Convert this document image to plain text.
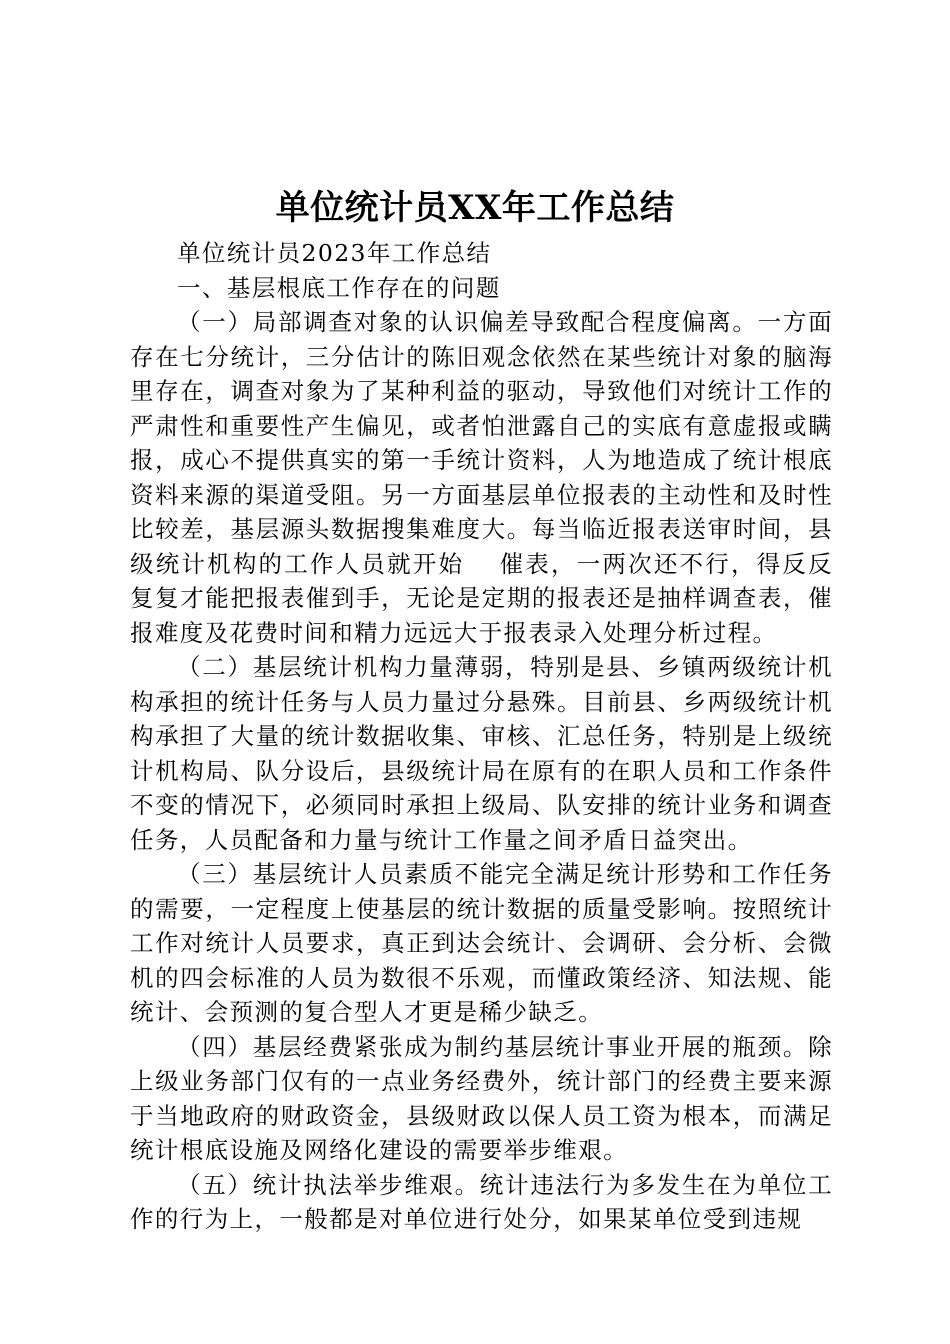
单位统计员XX年工作总结

单位统计员2023年工作总结

一、基层根底工作存在的问题

（一）局部调查对象的认识偏差导致配合程度偏离。一方面存在七分统计，三分估计的陈旧观念依然在某些统计对象的脑海里存在，调查对象为了某种利益的驱动，导致他们对统计工作的严肃性和重要性产生偏见，或者怕泄露自己的实底有意虚报或瞒报，成心不提供真实的第一手统计资料，人为地造成了统计根底资料来源的渠道受阻。另一方面基层单位报表的主动性和及时性比较差，基层源头数据搜集难度大。每当临近报表送审时间，县级统计机构的工作人员就开始　 催表，一两次还不行，得反反复复才能把报表催到手，无论是定期的报表还是抽样调查表，催报难度及花费时间和精力远远大于报表录入处理分析过程。

（二）基层统计机构力量薄弱，特别是县、乡镇两级统计机构承担的统计任务与人员力量过分悬殊。目前县、乡两级统计机构承担了大量的统计数据收集、审核、汇总任务，特别是上级统计机构局、队分设后，县级统计局在原有的在职人员和工作条件不变的情况下，必须同时承担上级局、队安排的统计业务和调查任务，人员配备和力量与统计工作量之间矛盾日益突出。

（三）基层统计人员素质不能完全满足统计形势和工作任务的需要，一定程度上使基层的统计数据的质量受影响。按照统计工作对统计人员要求，真正到达会统计、会调研、会分析、会微机的四会标准的人员为数很不乐观，而懂政策经济、知法规、能统计、会预测的复合型人才更是稀少缺乏。

（四）基层经费紧张成为制约基层统计事业开展的瓶颈。除上级业务部门仅有的一点业务经费外，统计部门的经费主要来源于当地政府的财政资金，县级财政以保人员工资为根本，而满足统计根底设施及网络化建设的需要举步维艰。

（五）统计执法举步维艰。统计违法行为多发生在为单位工作的行为上，一般都是对单位进行处分，如果某单位受到违规
